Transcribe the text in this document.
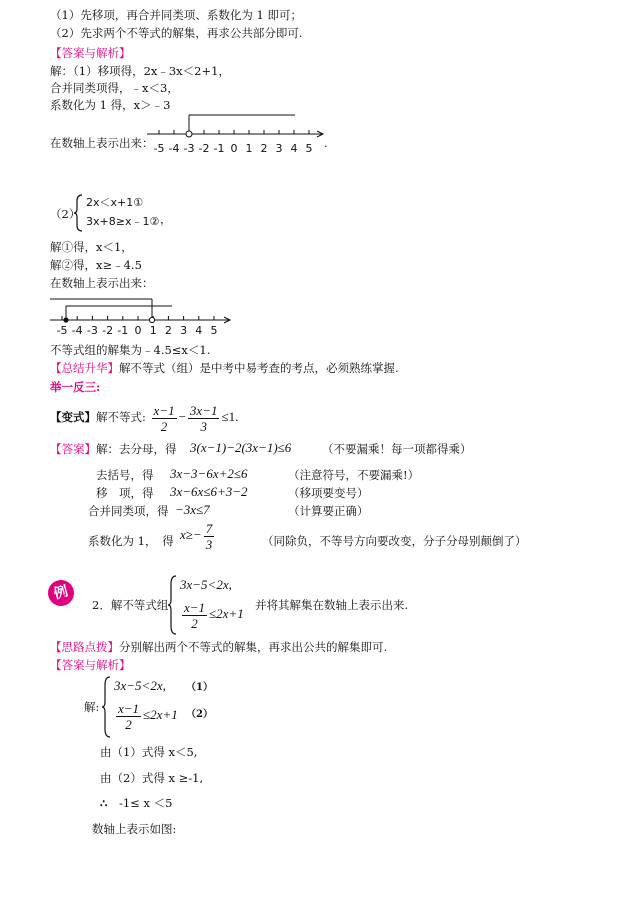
（1）先移项，再合并同类项、系数化为 1 即可；
（2）先求两个不等式的解集，再求公共部分即可.
【答案与解析】
解：（1）移项得，2x﹣3x＜2+1，
合并同类项得，﹣x＜3，
系数化为 1 得，x＞﹣3
在数轴上表示出来： -5 -4 -3 -2 -1 0 1 2 3 4 5 .
（2）
2x＜x+1①
3x+8≥x﹣1② ，
解①得，x＜1，
解②得，x≥﹣4.5
在数轴上表示出来：
-5 -4 -3 -2 -1 0 1 2 3 4 5
不等式组的解集为﹣4.5≤x＜1.
【总结升华】解不等式（组）是中考中易考查的考点，必须熟练掌握.
举一反三:
【变式】解不等式: $\frac{x-1}{2} - \frac{3x-1}{3} \le 1$.
【答案】解：去分母，得 3(x−1)−2(3x−1)≤6	（不要漏乘！每一项都得乘）
去括号，得 3x−3−6x+2≤6	（注意符号，不要漏乘!）
移　项，得 3x−6x≤6+3−2	（移项要变号）
合并同类项，得 −3x≤7	（计算要正确）
系数化为 1，　得 $x\ge- \frac{7}{3}$	（同除负，不等号方向要改变，分子分母别颠倒了）
例
2．解不等式组
3x−5<2x,
$\frac{x-1}{2} \le 2x+1$
并将其解集在数轴上表示出来.
【思路点拨】分别解出两个不等式的解集，再求出公共的解集即可.
【答案与解析】
解:
3x−5<2x, （1）
$\frac{x-1}{2} \le 2x+1$ （2）
由（1）式得 x＜5,
由（2）式得 x ≥-1,
∴ -1≤ x ＜5
数轴上表示如图:
